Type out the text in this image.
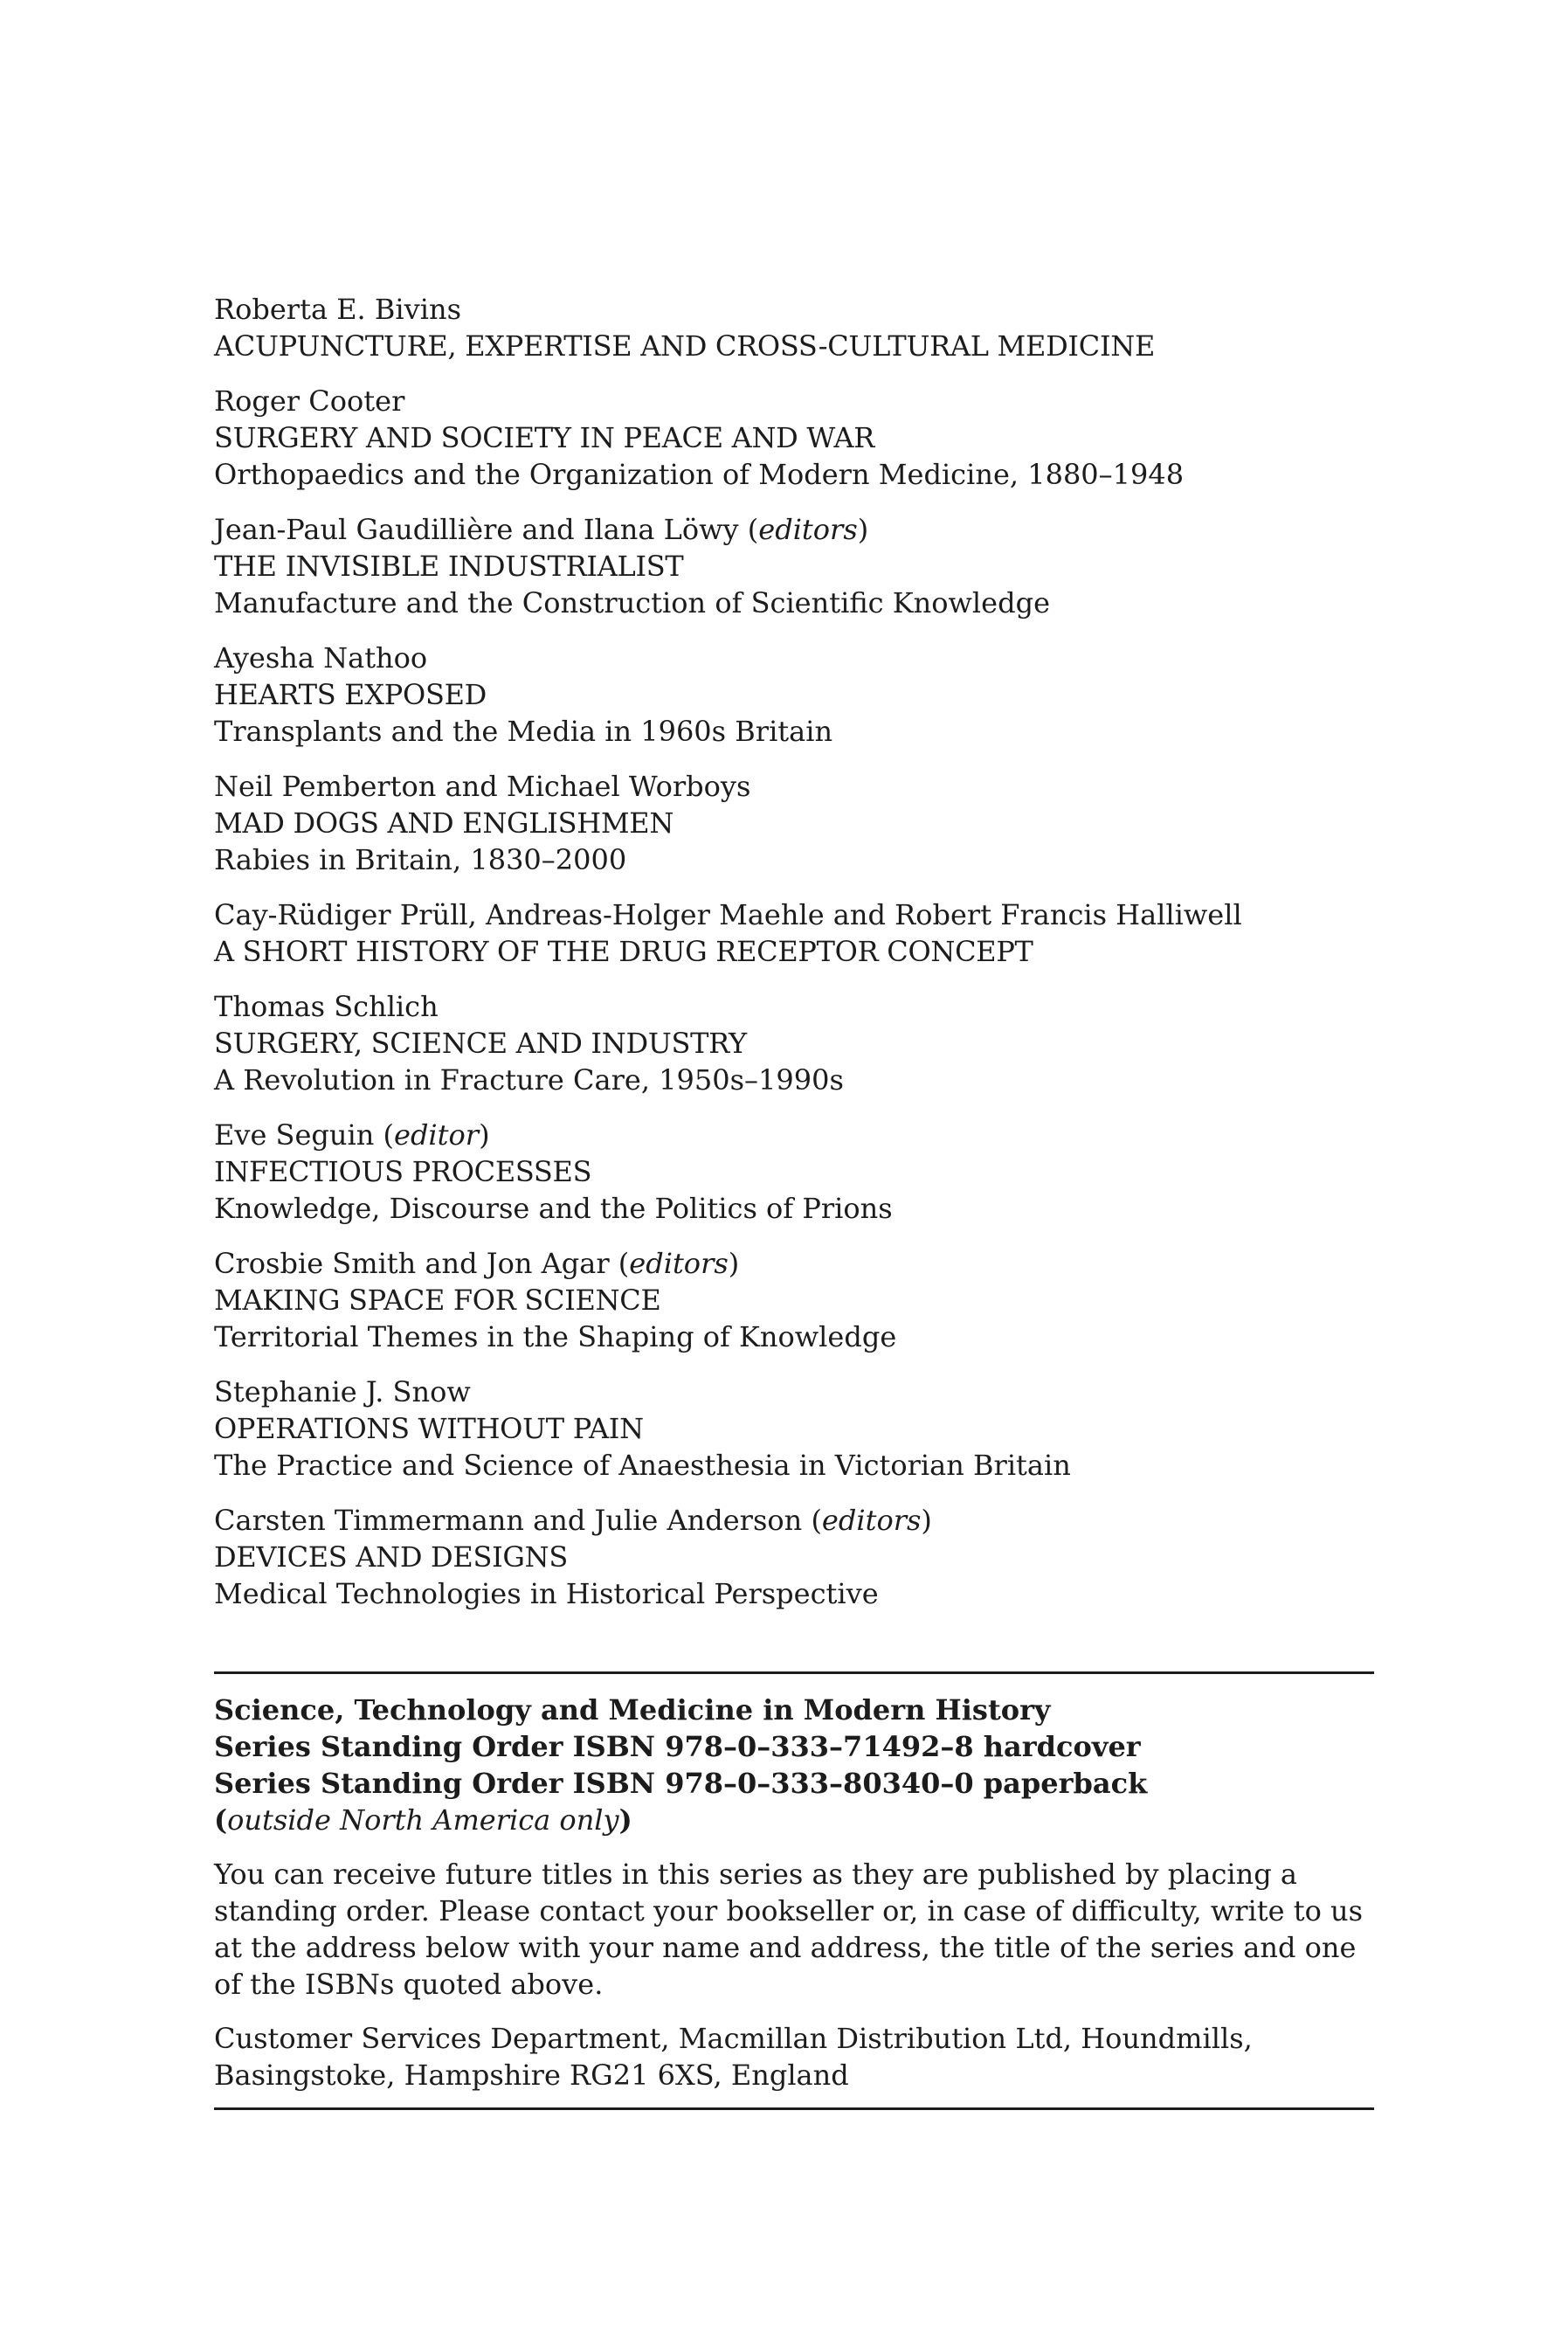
Roberta E. Bivins
ACUPUNCTURE, EXPERTISE AND CROSS-CULTURAL MEDICINE
Roger Cooter
SURGERY AND SOCIETY IN PEACE AND WAR
Orthopaedics and the Organization of Modern Medicine, 1880–1948
Jean-Paul Gaudillière and Ilana Löwy (editors)
THE INVISIBLE INDUSTRIALIST
Manufacture and the Construction of Scientific Knowledge
Ayesha Nathoo
HEARTS EXPOSED
Transplants and the Media in 1960s Britain
Neil Pemberton and Michael Worboys
MAD DOGS AND ENGLISHMEN
Rabies in Britain, 1830–2000
Cay-Rüdiger Prüll, Andreas-Holger Maehle and Robert Francis Halliwell
A SHORT HISTORY OF THE DRUG RECEPTOR CONCEPT
Thomas Schlich
SURGERY, SCIENCE AND INDUSTRY
A Revolution in Fracture Care, 1950s–1990s
Eve Seguin (editor)
INFECTIOUS PROCESSES
Knowledge, Discourse and the Politics of Prions
Crosbie Smith and Jon Agar (editors)
MAKING SPACE FOR SCIENCE
Territorial Themes in the Shaping of Knowledge
Stephanie J. Snow
OPERATIONS WITHOUT PAIN
The Practice and Science of Anaesthesia in Victorian Britain
Carsten Timmermann and Julie Anderson (editors)
DEVICES AND DESIGNS
Medical Technologies in Historical Perspective
Science, Technology and Medicine in Modern History
Series Standing Order ISBN 978–0–333–71492–8 hardcover
Series Standing Order ISBN 978–0–333–80340–0 paperback
(outside North America only)
You can receive future titles in this series as they are published by placing a standing order. Please contact your bookseller or, in case of difficulty, write to us at the address below with your name and address, the title of the series and one of the ISBNs quoted above.
Customer Services Department, Macmillan Distribution Ltd, Houndmills, Basingstoke, Hampshire RG21 6XS, England
